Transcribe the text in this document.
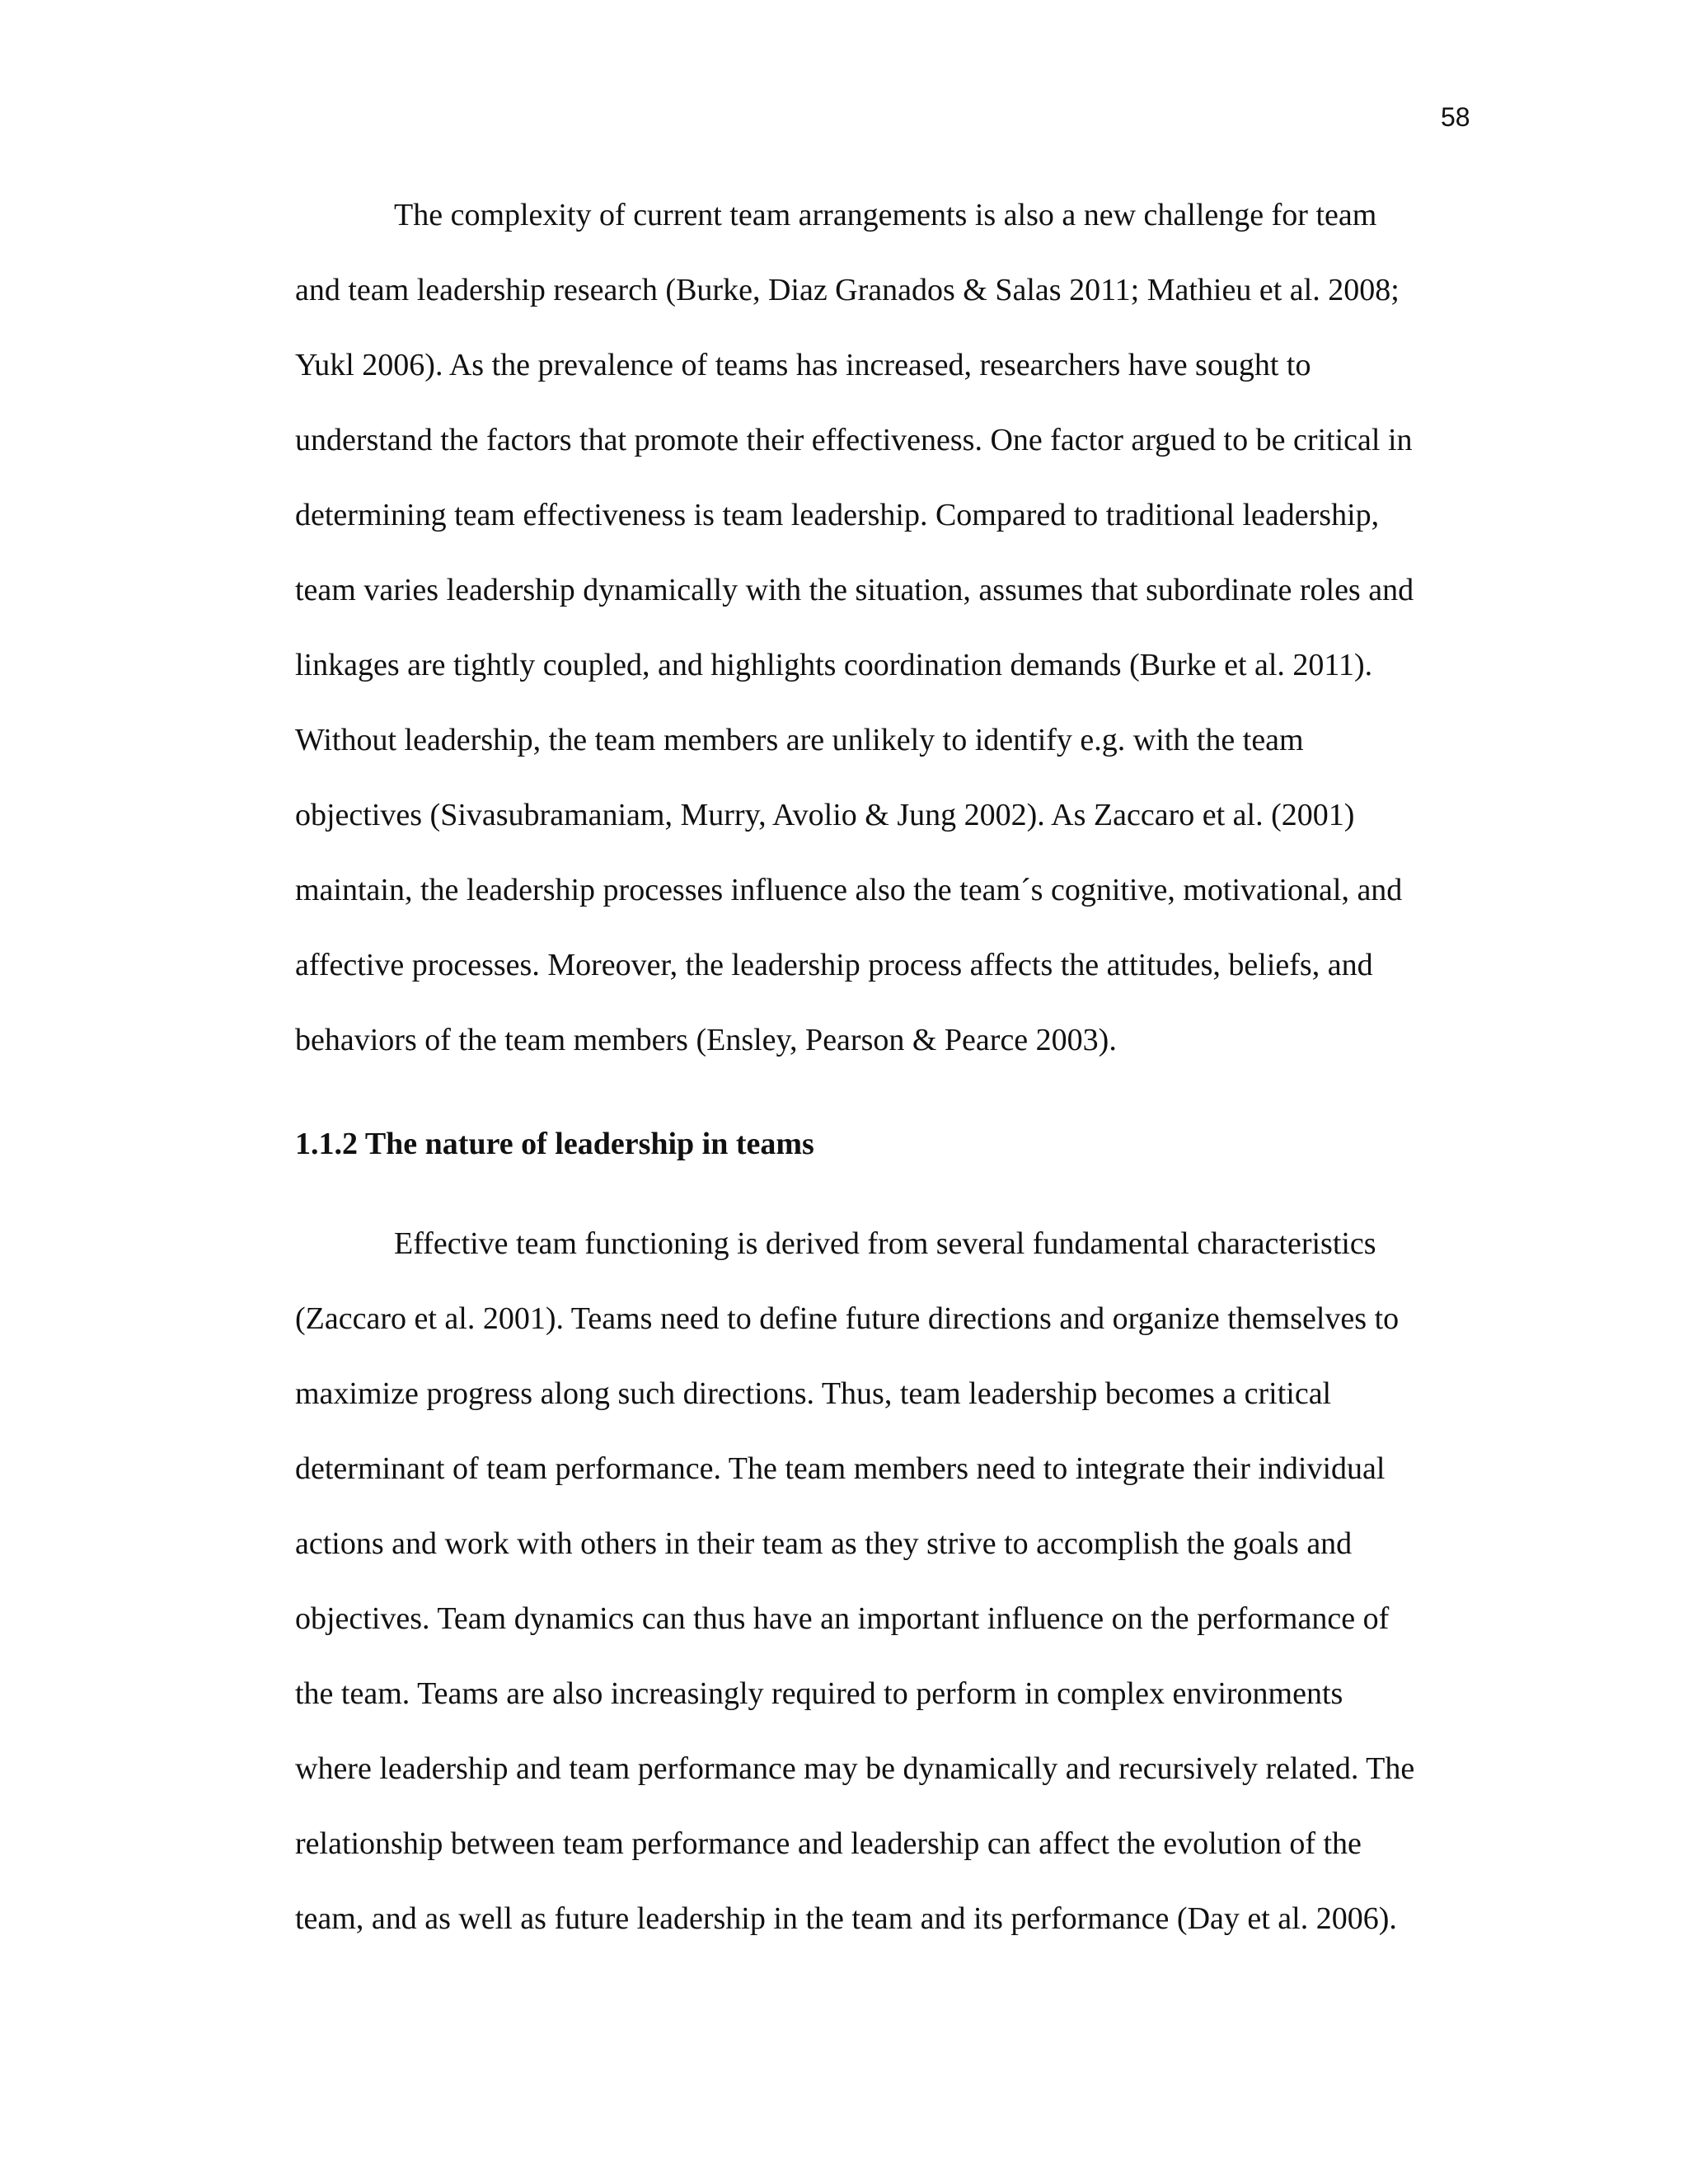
58
The complexity of current team arrangements is also a new challenge for team
and team leadership research (Burke, Diaz Granados & Salas 2011; Mathieu et al. 2008;
Yukl 2006). As the prevalence of teams has increased, researchers have sought to
understand the factors that promote their effectiveness. One factor argued to be critical in
determining team effectiveness is team leadership. Compared to traditional leadership,
team varies leadership dynamically with the situation, assumes that subordinate roles and
linkages are tightly coupled, and highlights coordination demands (Burke et al. 2011).
Without leadership, the team members are unlikely to identify e.g. with the team
objectives (Sivasubramaniam, Murry, Avolio & Jung 2002). As Zaccaro et al. (2001)
maintain, the leadership processes influence also the team´s cognitive, motivational, and
affective processes. Moreover, the leadership process affects the attitudes, beliefs, and
behaviors of the team members (Ensley, Pearson & Pearce 2003).
1.1.2 The nature of leadership in teams
Effective team functioning is derived from several fundamental characteristics
(Zaccaro et al. 2001). Teams need to define future directions and organize themselves to
maximize progress along such directions. Thus, team leadership becomes a critical
determinant of team performance. The team members need to integrate their individual
actions and work with others in their team as they strive to accomplish the goals and
objectives. Team dynamics can thus have an important influence on the performance of
the team. Teams are also increasingly required to perform in complex environments
where leadership and team performance may be dynamically and recursively related. The
relationship between team performance and leadership can affect the evolution of the
team, and as well as future leadership in the team and its performance (Day et al. 2006).
